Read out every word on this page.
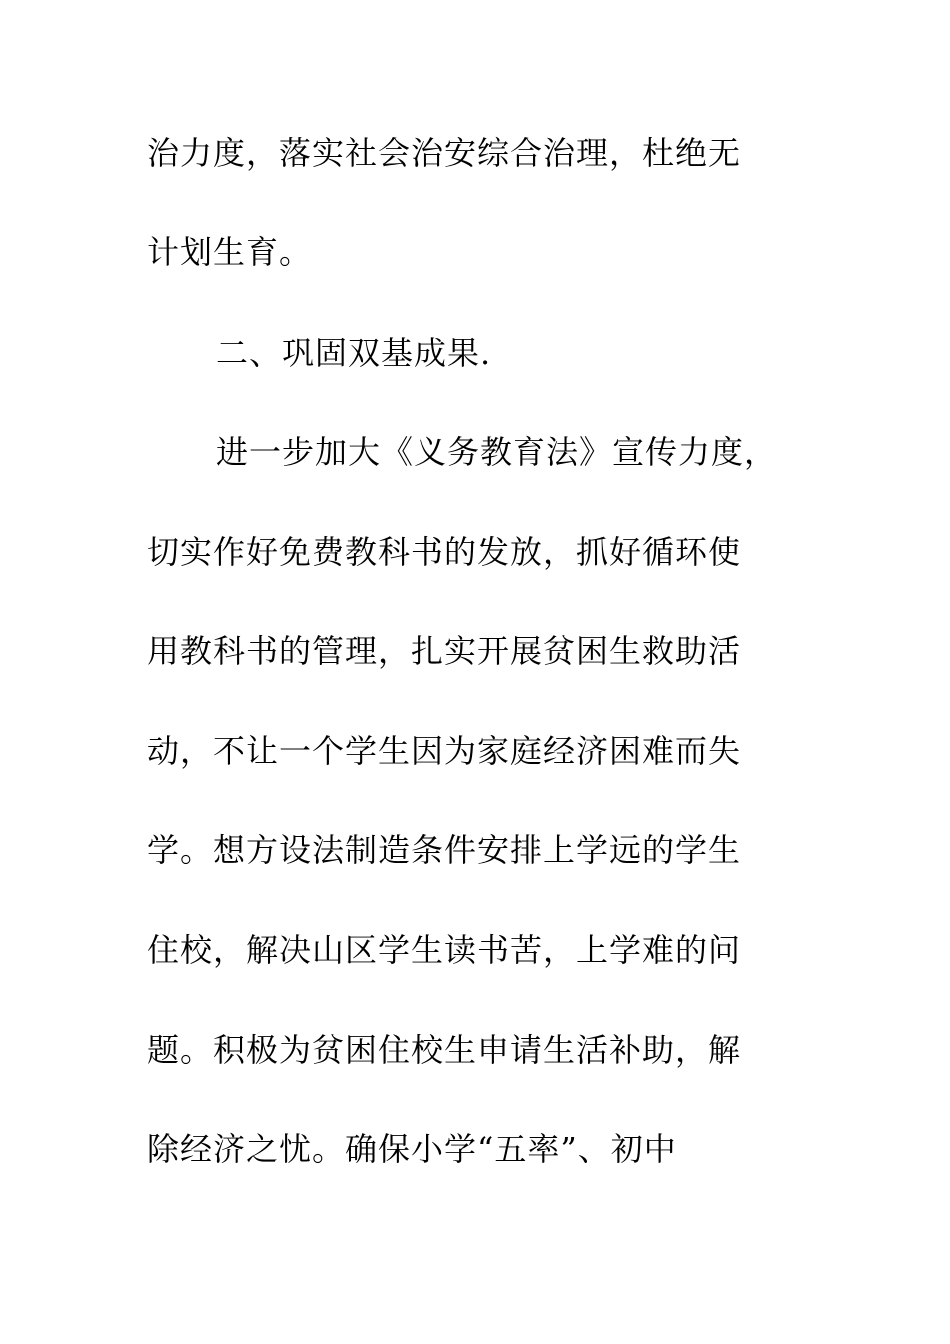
治力度，落实社会治安综合治理，杜绝无
计划生育。
二、巩固双基成果.
进一步加大《义务教育法》宣传力度，
切实作好免费教科书的发放，抓好循环使
用教科书的管理，扎实开展贫困生救助活
动，不让一个学生因为家庭经济困难而失
学。想方设法制造条件安排上学远的学生
住校，解决山区学生读书苦，上学难的问
题。积极为贫困住校生申请生活补助，解
除经济之忧。确保小学“五率”、初中
